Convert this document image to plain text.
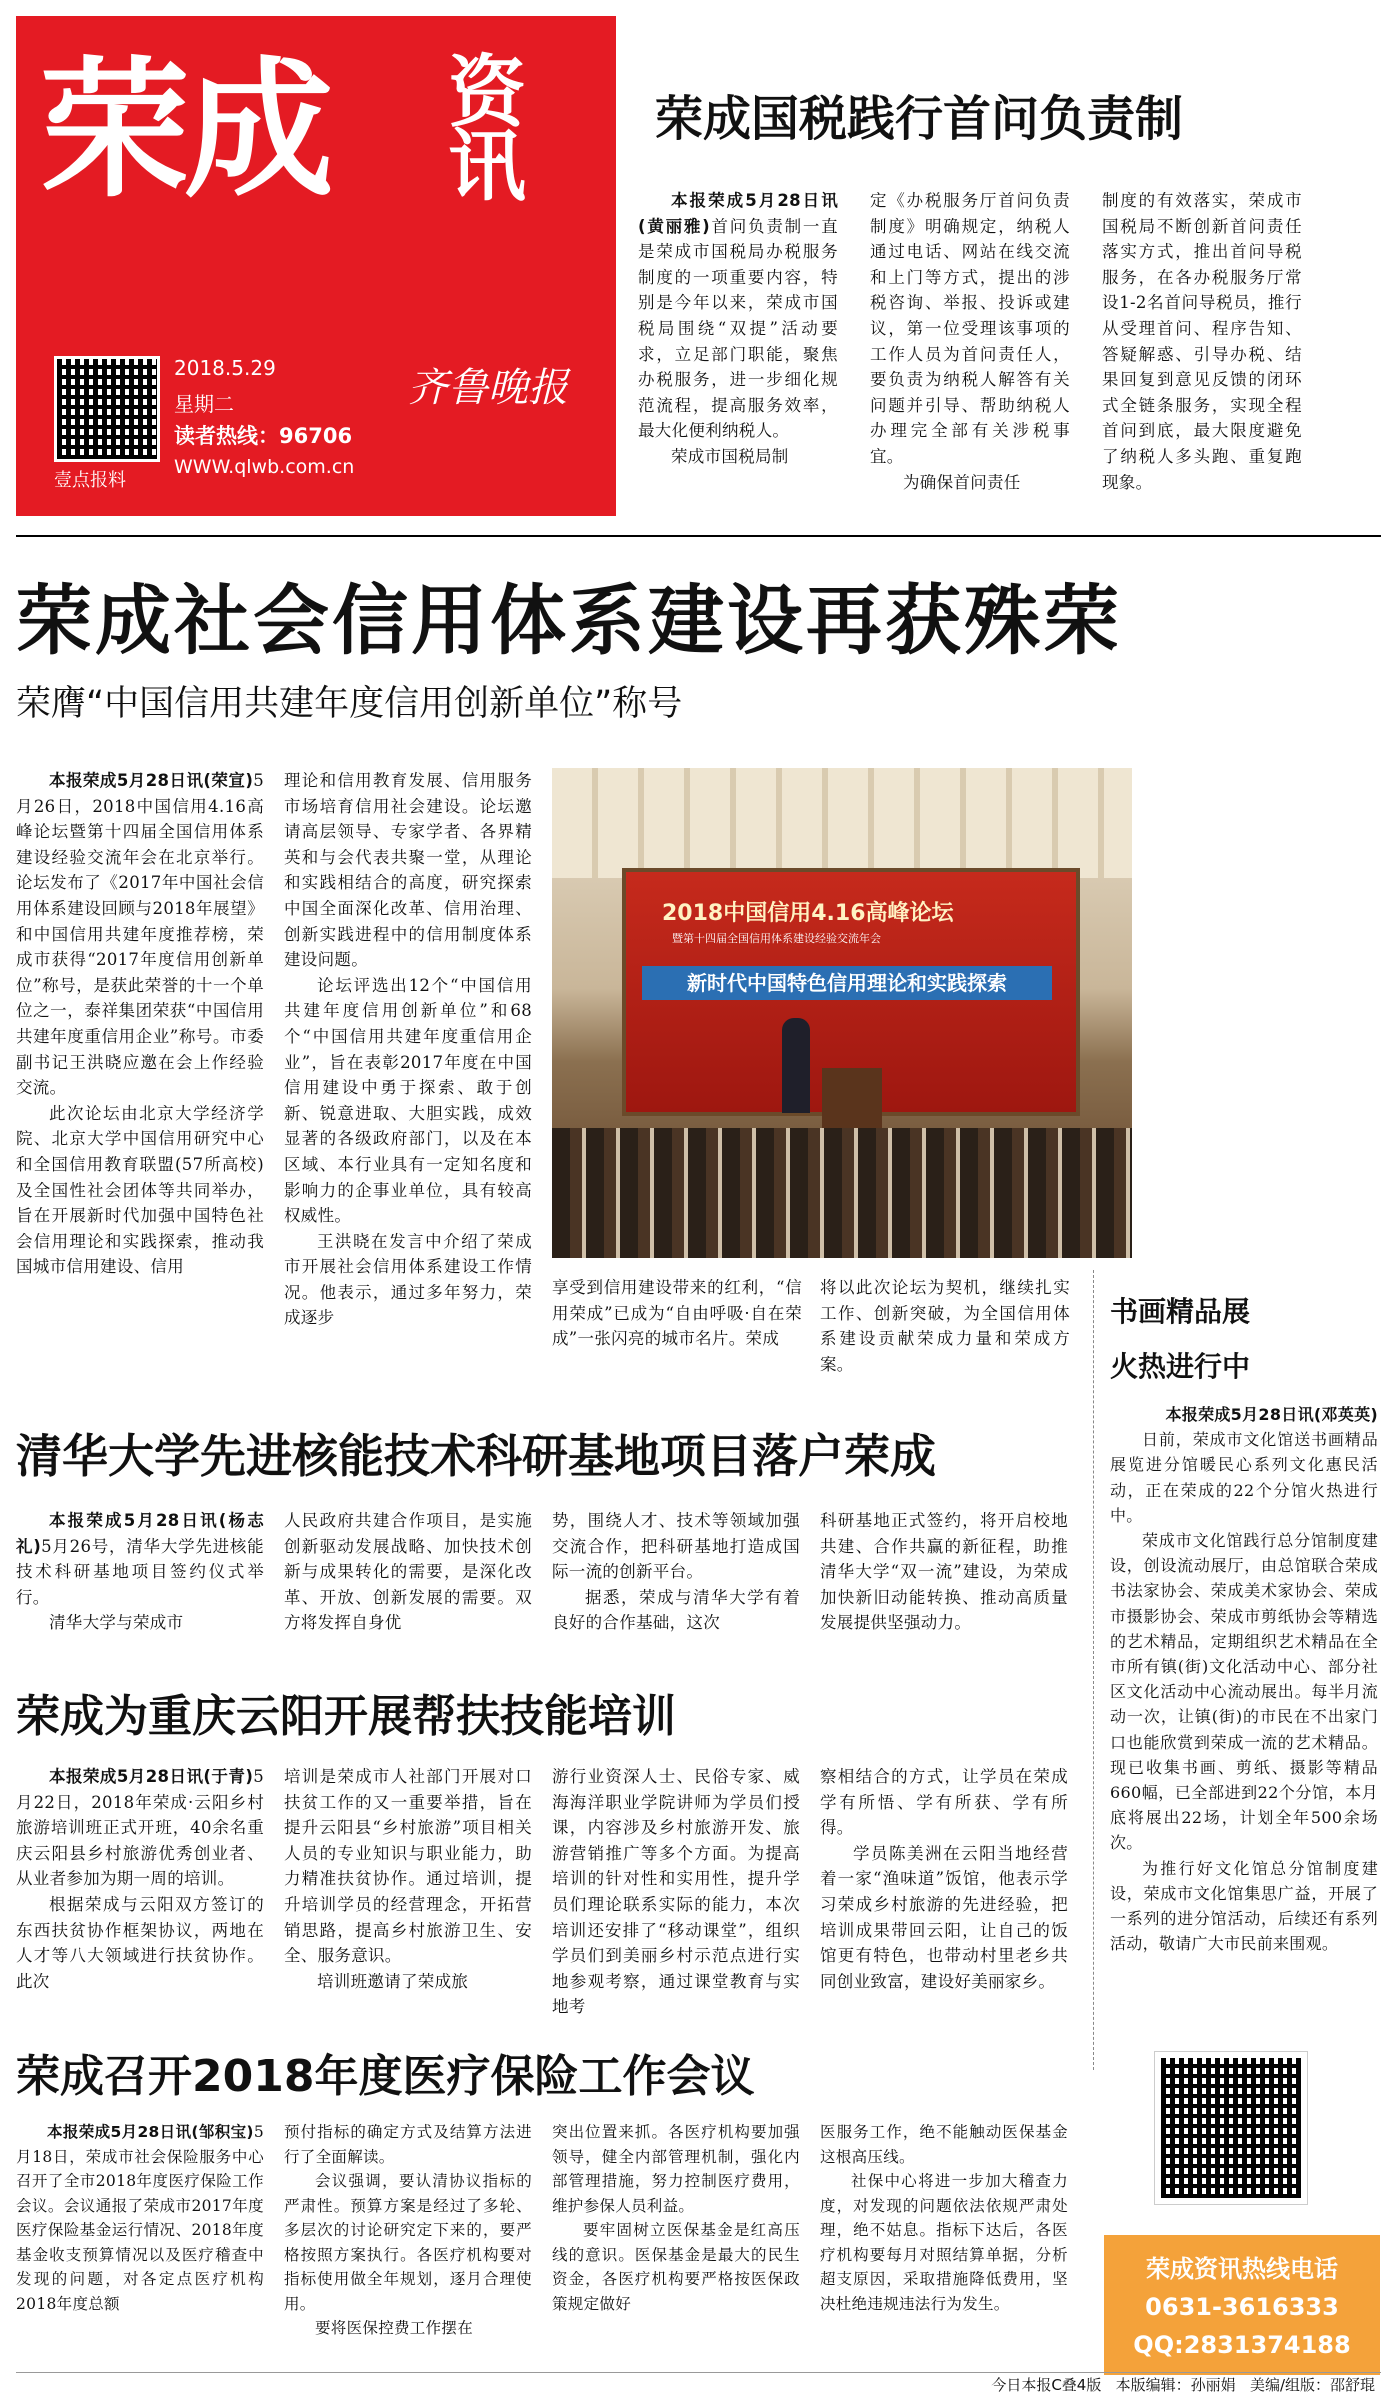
荣成 资
讯
壹点报料
2018.5.29
星期二
读者热线：96706
WWW.qlwb.com.cn
齐鲁晚报
荣成国税践行首问负责制

本报荣成5月28日讯(黄丽雅)首问负责制一直是荣成市国税局办税服务制度的一项重要内容，特别是今年以来，荣成市国税局围绕“双提”活动要求，立足部门职能，聚焦办税服务，进一步细化规范流程，提高服务效率，最大化便利纳税人。

荣成市国税局制

定《办税服务厅首问负责制度》明确规定，纳税人通过电话、网站在线交流和上门等方式，提出的涉税咨询、举报、投诉或建议，第一位受理该事项的工作人员为首问责任人，要负责为纳税人解答有关问题并引导、帮助纳税人办理完全部有关涉税事宜。

为确保首问责任

制度的有效落实，荣成市国税局不断创新首问责任落实方式，推出首问导税服务，在各办税服务厅常设1-2名首问导税员，推行从受理首问、程序告知、答疑解惑、引导办税、结果回复到意见反馈的闭环式全链条服务，实现全程首问到底，最大限度避免了纳税人多头跑、重复跑现象。

荣成社会信用体系建设再获殊荣
荣膺“中国信用共建年度信用创新单位”称号

本报荣成5月28日讯(荣宣)5月26日，2018中国信用4.16高峰论坛暨第十四届全国信用体系建设经验交流年会在北京举行。论坛发布了《2017年中国社会信用体系建设回顾与2018年展望》和中国信用共建年度推荐榜，荣成市获得“2017年度信用创新单位”称号，是获此荣誉的十一个单位之一，泰祥集团荣获“中国信用共建年度重信用企业”称号。市委副书记王洪晓应邀在会上作经验交流。

此次论坛由北京大学经济学院、北京大学中国信用研究中心和全国信用教育联盟(57所高校)及全国性社会团体等共同举办，旨在开展新时代加强中国特色社会信用理论和实践探索，推动我国城市信用建设、信用

理论和信用教育发展、信用服务市场培育信用社会建设。论坛邀请高层领导、专家学者、各界精英和与会代表共聚一堂，从理论和实践相结合的高度，研究探索中国全面深化改革、信用治理、创新实践进程中的信用制度体系建设问题。

论坛评选出12个“中国信用共建年度信用创新单位”和68个“中国信用共建年度重信用企业”，旨在表彰2017年度在中国信用建设中勇于探索、敢于创新、锐意进取、大胆实践，成效显著的各级政府部门，以及在本区域、本行业具有一定知名度和影响力的企事业单位，具有较高权威性。

王洪晓在发言中介绍了荣成市开展社会信用体系建设工作情况。他表示，通过多年努力，荣成逐步

2018中国信用4.16高峰论坛
暨第十四届全国信用体系建设经验交流年会
新时代中国特色信用理论和实践探索

享受到信用建设带来的红利，“信用荣成”已成为“自由呼吸·自在荣成”一张闪亮的城市名片。荣成

将以此次论坛为契机，继续扎实工作、创新突破，为全国信用体系建设贡献荣成力量和荣成方案。

书画精品展
火热进行中

本报荣成5月28日讯(邓英英)

日前，荣成市文化馆送书画精品展览进分馆暖民心系列文化惠民活动，正在荣成的22个分馆火热进行中。

荣成市文化馆践行总分馆制度建设，创设流动展厅，由总馆联合荣成书法家协会、荣成美术家协会、荣成市摄影协会、荣成市剪纸协会等精选的艺术精品，定期组织艺术精品在全市所有镇(街)文化活动中心、部分社区文化活动中心流动展出。每半月流动一次，让镇(街)的市民在不出家门口也能欣赏到荣成一流的艺术精品。现已收集书画、剪纸、摄影等精品660幅，已全部进到22个分馆，本月底将展出22场，计划全年500余场次。

为推行好文化馆总分馆制度建设，荣成市文化馆集思广益，开展了一系列的进分馆活动，后续还有系列活动，敬请广大市民前来围观。

荣成资讯热线电话
0631-3616333
QQ:2831374188
清华大学先进核能技术科研基地项目落户荣成

本报荣成5月28日讯(杨志礼)5月26号，清华大学先进核能技术科研基地项目签约仪式举行。

清华大学与荣成市

人民政府共建合作项目，是实施创新驱动发展战略、加快技术创新与成果转化的需要，是深化改革、开放、创新发展的需要。双方将发挥自身优

势，围绕人才、技术等领域加强交流合作，把科研基地打造成国际一流的创新平台。

据悉，荣成与清华大学有着良好的合作基础，这次

科研基地正式签约，将开启校地共建、合作共赢的新征程，助推清华大学“双一流”建设，为荣成加快新旧动能转换、推动高质量发展提供坚强动力。

荣成为重庆云阳开展帮扶技能培训

本报荣成5月28日讯(于青)5月22日，2018年荣成·云阳乡村旅游培训班正式开班，40余名重庆云阳县乡村旅游优秀创业者、从业者参加为期一周的培训。

根据荣成与云阳双方签订的东西扶贫协作框架协议，两地在人才等八大领域进行扶贫协作。此次

培训是荣成市人社部门开展对口扶贫工作的又一重要举措，旨在提升云阳县“乡村旅游”项目相关人员的专业知识与职业能力，助力精准扶贫协作。通过培训，提升培训学员的经营理念，开拓营销思路，提高乡村旅游卫生、安全、服务意识。

培训班邀请了荣成旅

游行业资深人士、民俗专家、威海海洋职业学院讲师为学员们授课，内容涉及乡村旅游开发、旅游营销推广等多个方面。为提高培训的针对性和实用性，提升学员们理论联系实际的能力，本次培训还安排了“移动课堂”，组织学员们到美丽乡村示范点进行实地参观考察，通过课堂教育与实地考

察相结合的方式，让学员在荣成学有所悟、学有所获、学有所得。

学员陈美洲在云阳当地经营着一家“渔味道”饭馆，他表示学习荣成乡村旅游的先进经验，把培训成果带回云阳，让自己的饭馆更有特色，也带动村里老乡共同创业致富，建设好美丽家乡。

荣成召开2018年度医疗保险工作会议

本报荣成5月28日讯(邹积宝)5月18日，荣成市社会保险服务中心召开了全市2018年度医疗保险工作会议。会议通报了荣成市2017年度医疗保险基金运行情况、2018年度基金收支预算情况以及医疗稽查中发现的问题，对各定点医疗机构2018年度总额

预付指标的确定方式及结算方法进行了全面解读。

会议强调，要认清协议指标的严肃性。预算方案是经过了多轮、多层次的讨论研究定下来的，要严格按照方案执行。各医疗机构要对指标使用做全年规划，逐月合理使用。

要将医保控费工作摆在

突出位置来抓。各医疗机构要加强领导，健全内部管理机制，强化内部管理措施，努力控制医疗费用，维护参保人员利益。

要牢固树立医保基金是红高压线的意识。医保基金是最大的民生资金，各医疗机构要严格按医保政策规定做好

医服务工作，绝不能触动医保基金这根高压线。

社保中心将进一步加大稽查力度，对发现的问题依法依规严肃处理，绝不姑息。指标下达后，各医疗机构要每月对照结算单据，分析超支原因，采取措施降低费用，坚决杜绝违规违法行为发生。

今日本报C叠4版   本版编辑：孙丽娟   美编/组版：邵舒琨
